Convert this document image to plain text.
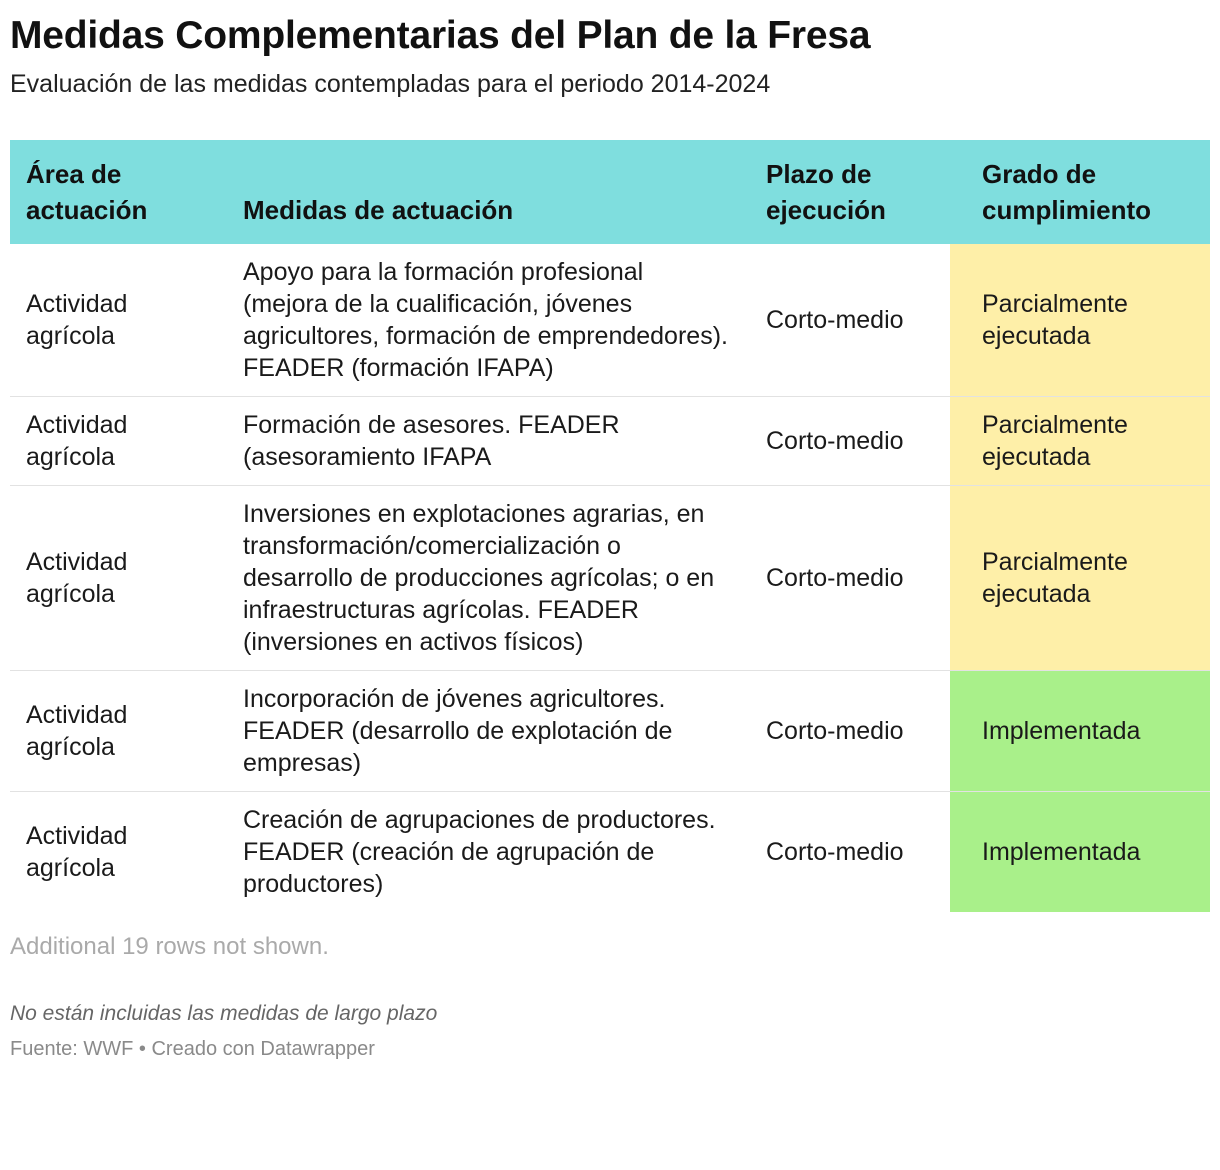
Medidas Complementarias del Plan de la Fresa

Evaluación de las medidas contempladas para el periodo 2014-2024

Área de actuación	Medidas de actuación	Plazo de ejecución	Grado de cumplimiento
Actividad agrícola	Apoyo para la formación profesional (mejora de la cualificación, jóvenes agricultores, formación de emprendedores). FEADER (formación IFAPA)	Corto-medio	Parcialmente ejecutada
Actividad agrícola	Formación de asesores. FEADER (asesoramiento IFAPA	Corto-medio	Parcialmente ejecutada
Actividad agrícola	Inversiones en explotaciones agrarias, en transformación/comercialización o desarrollo de producciones agrícolas; o en infraestructuras agrícolas. FEADER (inversiones en activos físicos)	Corto-medio	Parcialmente ejecutada
Actividad agrícola	Incorporación de jóvenes agricultores. FEADER (desarrollo de explotación de empresas)	Corto-medio	Implementada
Actividad agrícola	Creación de agrupaciones de productores. FEADER (creación de agrupación de productores)	Corto-medio	Implementada
Additional 19 rows not shown.
No están incluidas las medidas de largo plazo
Fuente: WWF • Creado con Datawrapper
